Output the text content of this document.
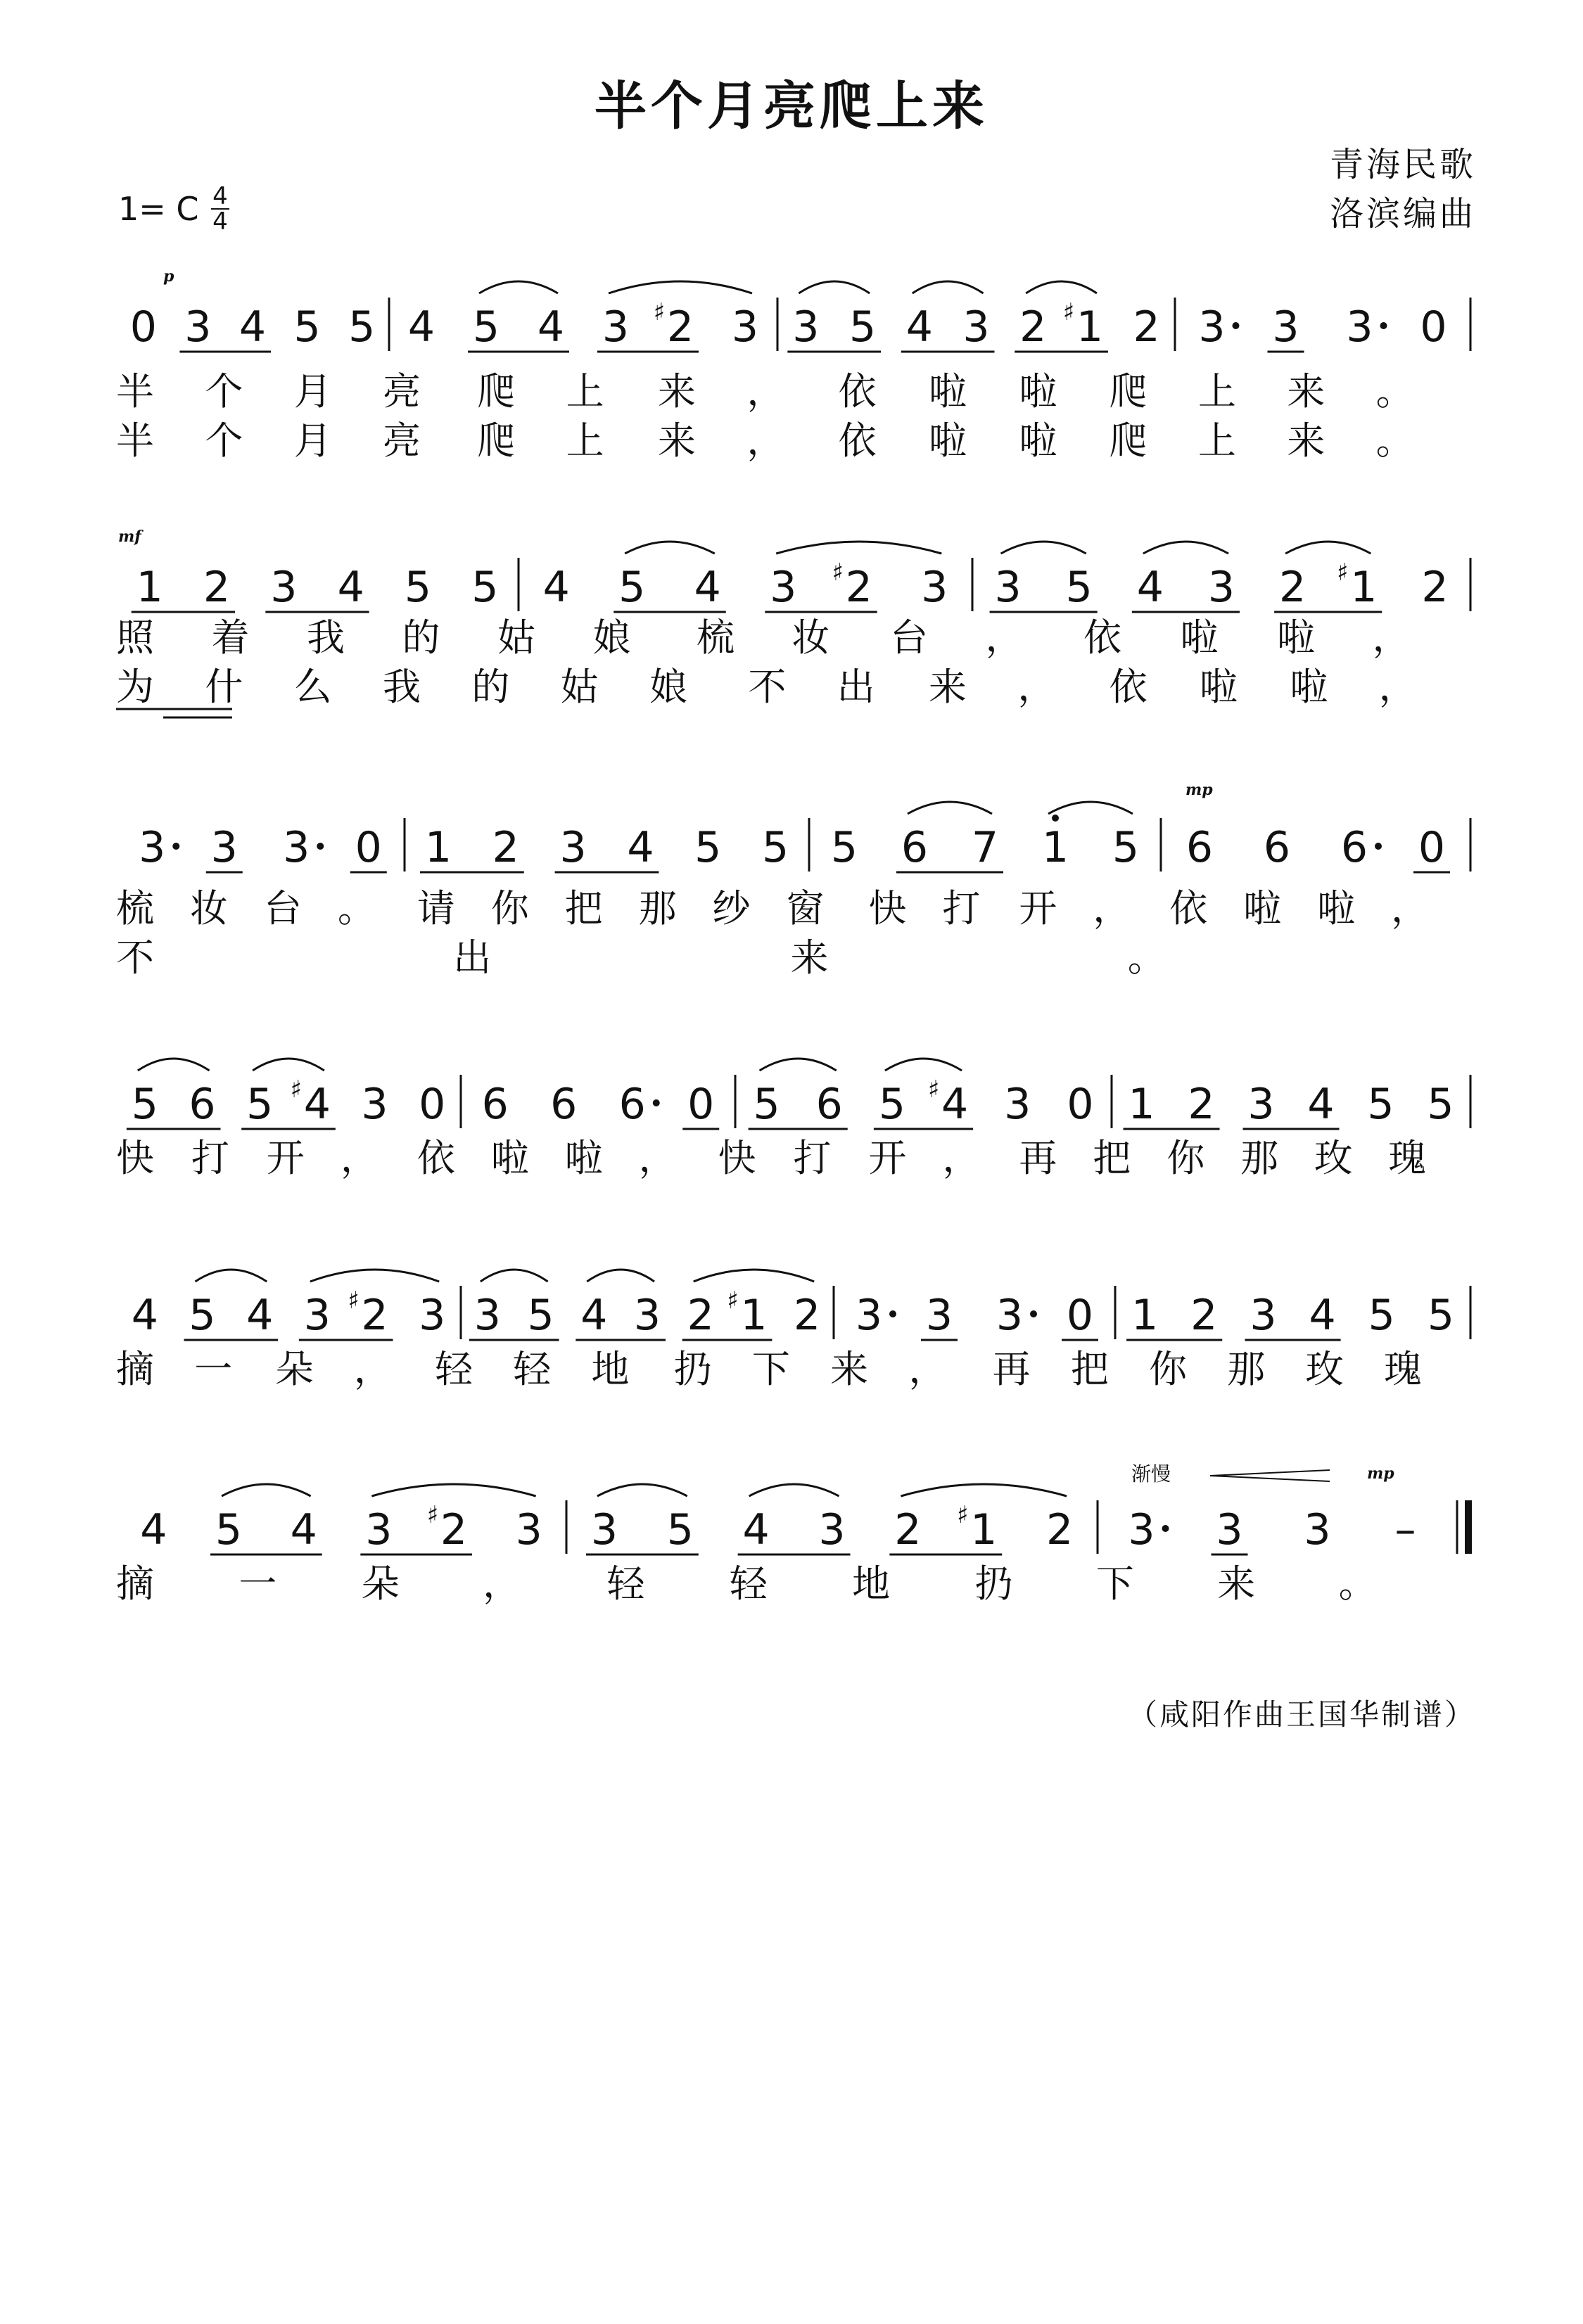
半个月亮爬上来
青海民歌
洛滨编曲
1= C 4
4
0 3 4 5 5 4 5 4 3 ♯ 2 3 3 5 4 3 2 ♯ 1 2 3 3 3 0
1 2 3 4 5 5 4 5 4 3 ♯ 2 3 3 5 4 3 2 ♯ 1 2
3 3 3 0 1 2 3 4 5 5 5 6 7 1 5 6 6 6 0
5 6 5 ♯ 4 3 0 6 6 6 0 5 6 5 ♯ 4 3 0 1 2 3 4 5 5
4 5 4 3 ♯ 2 3 3 5 4 3 2 ♯ 1 2 3 3 3 0 1 2 3 4 5 5
4 5 4 3 ♯ 2 3 3 5 4 3 2 ♯ 1 2 3 3 3 –
半个月亮 爬上 来， 依 啦 啦 爬上来。
半个月亮 爬上 来， 依 啦 啦 爬上来。
照着我的姑娘 梳妆 台， 依 啦 啦，
为什么我的姑娘 不出 来， 依 啦 啦，
梳妆台。 请你把那纱窗 快打 开， 依啦啦，
不出来。
快 打 开， 依啦啦， 快 打 开， 再把你那玫瑰
摘一 朵， 轻轻地 扔下来， 再把你那玫瑰
摘 一 朵， 轻 轻 地 扔下来。
p
mf
mp
mp
渐慢
（咸阳作曲王国华制谱）
